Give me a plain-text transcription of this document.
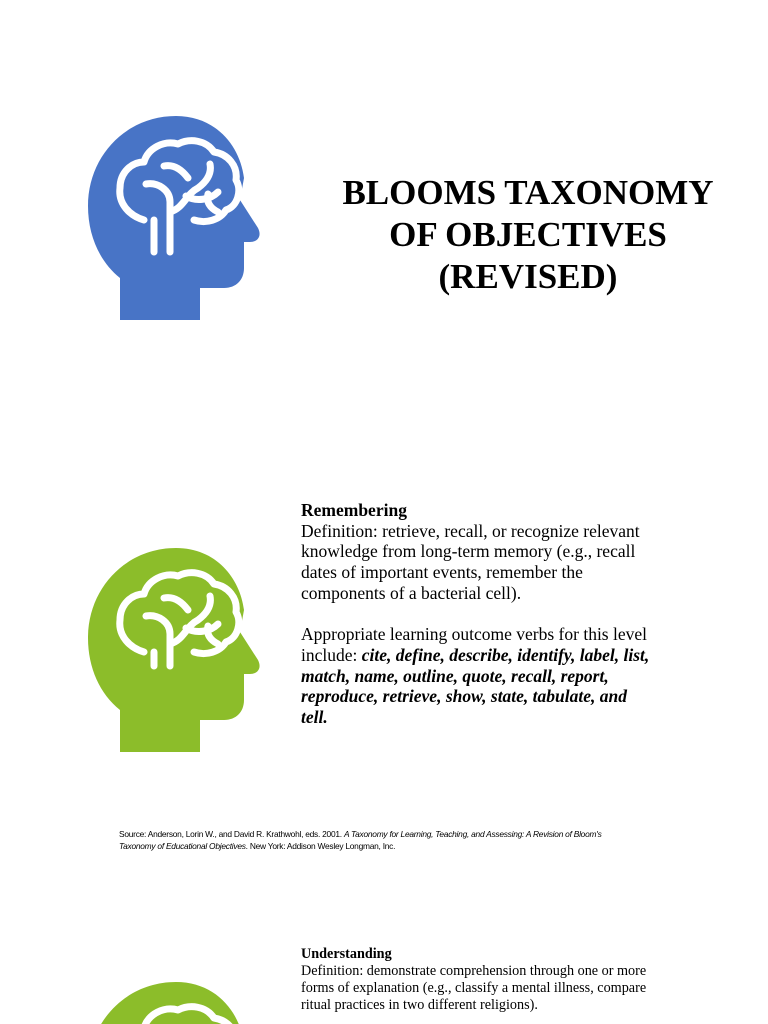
BLOOMS TAXONOMY
OF OBJECTIVES
(REVISED)

Remembering

Definition: retrieve, recall, or recognize relevant knowledge from long-term memory (e.g., recall dates of important events, remember the components of a bacterial cell).

Appropriate learning outcome verbs for this level include: cite, define, describe, identify, label, list, match, name, outline, quote, recall, report, reproduce, retrieve, show, state, tabulate, and tell.

Source: Anderson, Lorin W., and David R. Krathwohl, eds. 2001. A Taxonomy for Learning, Teaching, and Assessing: A Revision of Bloom's Taxonomy of Educational Objectives. New York: Addison Wesley Longman, Inc.

Understanding

Definition: demonstrate comprehension through one or more forms of explanation (e.g., classify a mental illness, compare ritual practices in two different religions).
